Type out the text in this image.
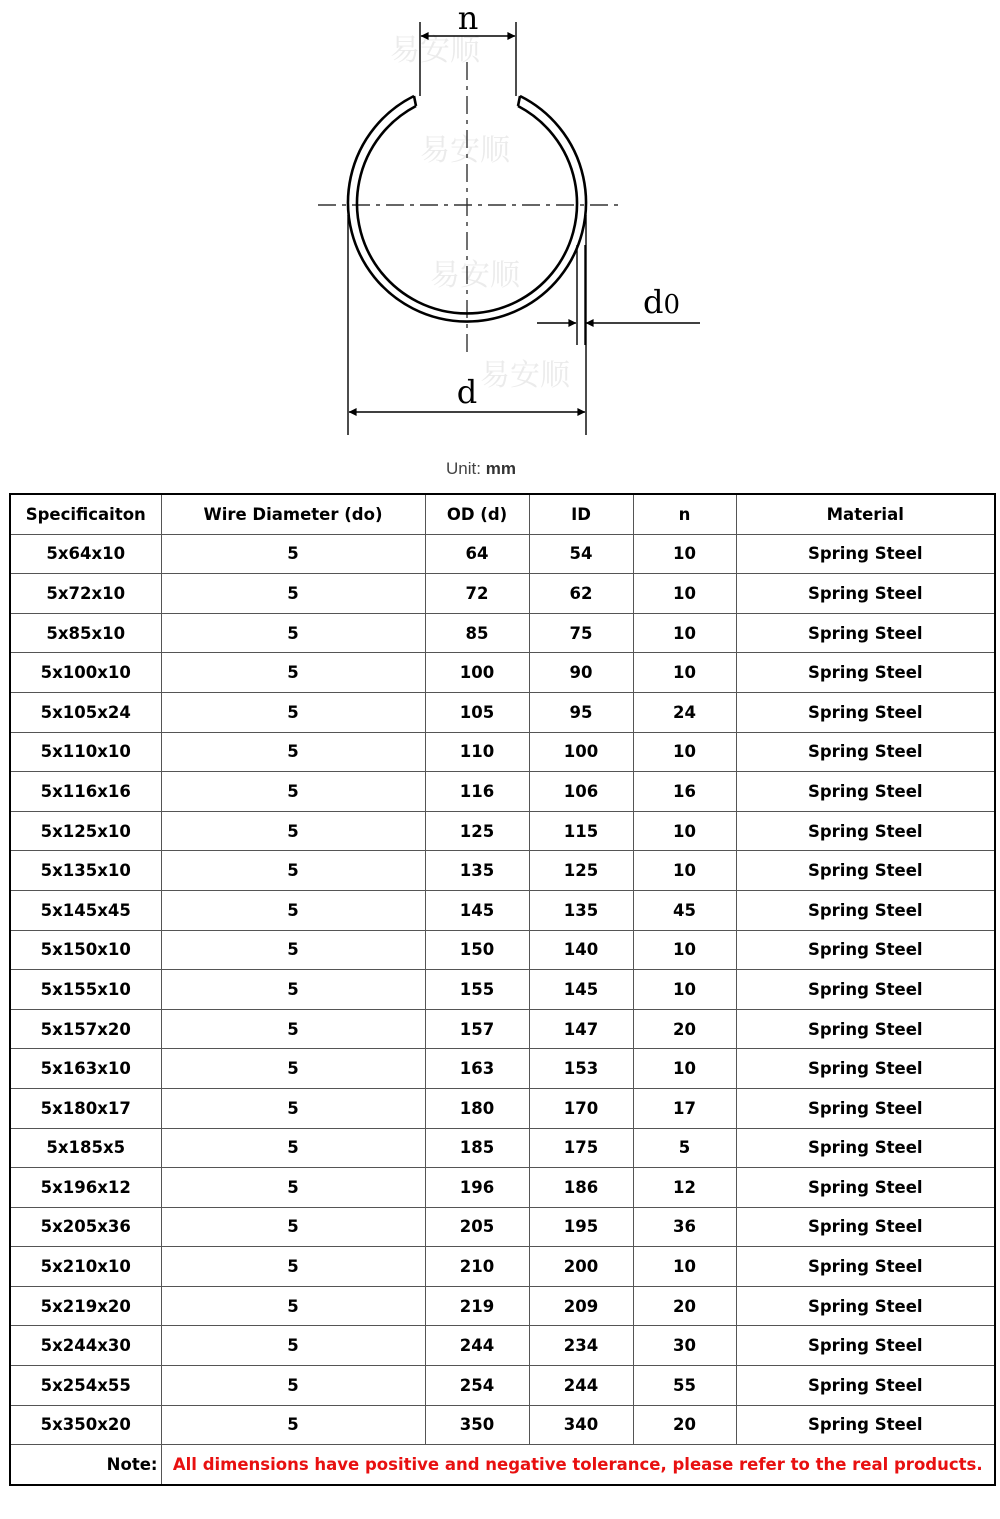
易安顺
易安顺
易安顺
易安顺
n
d
d0
Unit: mm
Specificaiton	Wire Diameter (do)	OD (d)	ID	n	Material
5x64x10	5	64	54	10	Spring Steel
5x72x10	5	72	62	10	Spring Steel
5x85x10	5	85	75	10	Spring Steel
5x100x10	5	100	90	10	Spring Steel
5x105x24	5	105	95	24	Spring Steel
5x110x10	5	110	100	10	Spring Steel
5x116x16	5	116	106	16	Spring Steel
5x125x10	5	125	115	10	Spring Steel
5x135x10	5	135	125	10	Spring Steel
5x145x45	5	145	135	45	Spring Steel
5x150x10	5	150	140	10	Spring Steel
5x155x10	5	155	145	10	Spring Steel
5x157x20	5	157	147	20	Spring Steel
5x163x10	5	163	153	10	Spring Steel
5x180x17	5	180	170	17	Spring Steel
5x185x5	5	185	175	5	Spring Steel
5x196x12	5	196	186	12	Spring Steel
5x205x36	5	205	195	36	Spring Steel
5x210x10	5	210	200	10	Spring Steel
5x219x20	5	219	209	20	Spring Steel
5x244x30	5	244	234	30	Spring Steel
5x254x55	5	254	244	55	Spring Steel
5x350x20	5	350	340	20	Spring Steel
Note:	All dimensions have positive and negative tolerance, please refer to the real products.				
